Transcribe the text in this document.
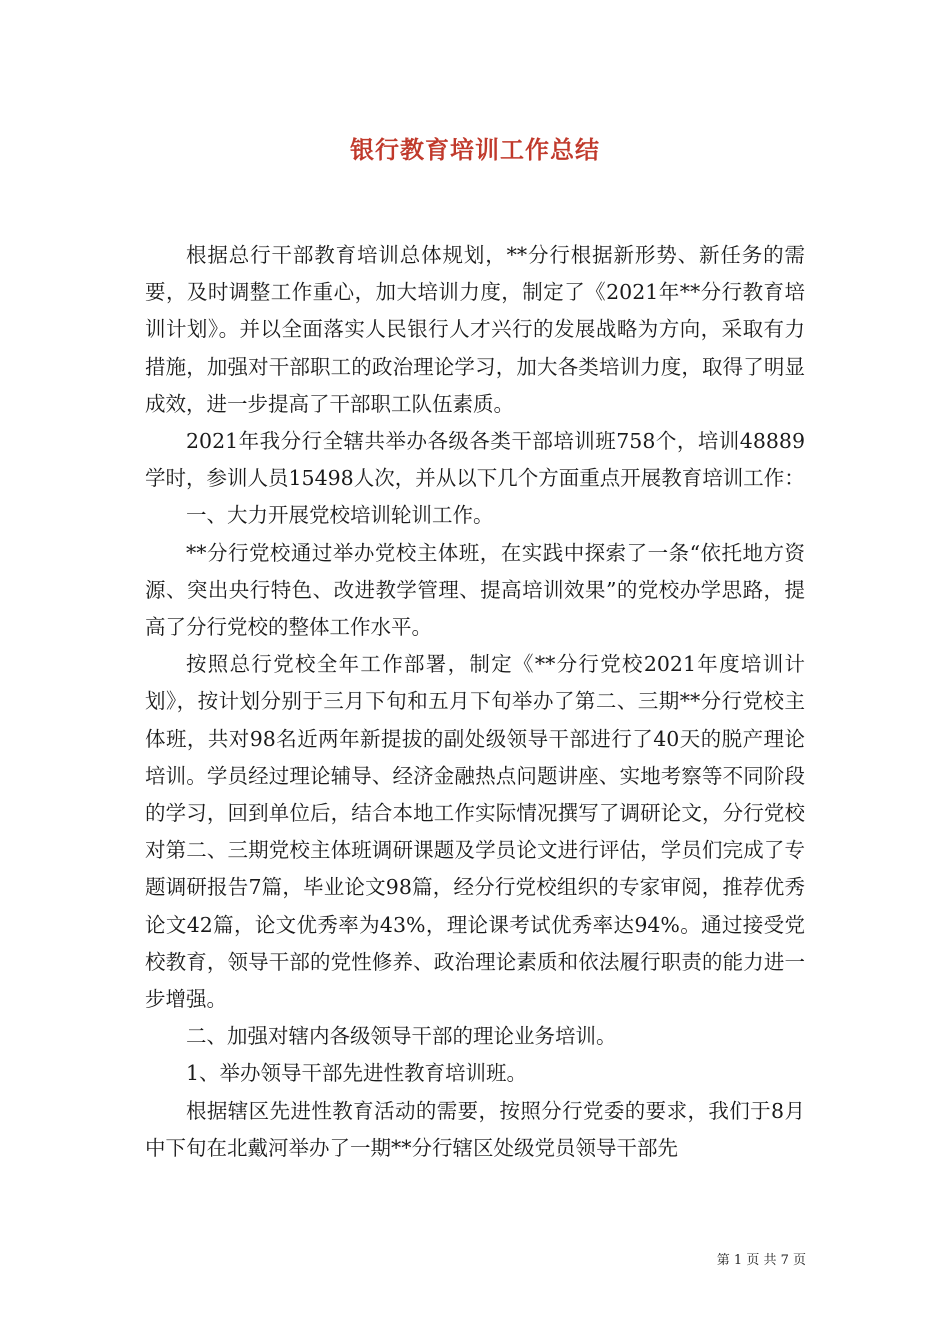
银行教育培训工作总结

根据总行干部教育培训总体规划，**分行根据新形势、新任务的需要，及时调整工作重心，加大培训力度，制定了《2021年**分行教育培训计划》。并以全面落实人民银行人才兴行的发展战略为方向，采取有力措施，加强对干部职工的政治理论学习，加大各类培训力度，取得了明显成效，进一步提高了干部职工队伍素质。

2021年我分行全辖共举办各级各类干部培训班758个，培训48889学时，参训人员15498人次，并从以下几个方面重点开展教育培训工作：

一、大力开展党校培训轮训工作。

**分行党校通过举办党校主体班，在实践中探索了一条“依托地方资源、突出央行特色、改进教学管理、提高培训效果”的党校办学思路，提高了分行党校的整体工作水平。

按照总行党校全年工作部署，制定《**分行党校2021年度培训计划》，按计划分别于三月下旬和五月下旬举办了第二、三期**分行党校主体班，共对98名近两年新提拔的副处级领导干部进行了40天的脱产理论培训。学员经过理论辅导、经济金融热点问题讲座、实地考察等不同阶段的学习，回到单位后，结合本地工作实际情况撰写了调研论文，分行党校对第二、三期党校主体班调研课题及学员论文进行评估，学员们完成了专题调研报告7篇，毕业论文98篇，经分行党校组织的专家审阅，推荐优秀论文42篇，论文优秀率为43%，理论课考试优秀率达94%。通过接受党校教育，领导干部的党性修养、政治理论素质和依法履行职责的能力进一步增强。

二、加强对辖内各级领导干部的理论业务培训。

1、举办领导干部先进性教育培训班。

根据辖区先进性教育活动的需要，按照分行党委的要求，我们于8月中下旬在北戴河举办了一期**分行辖区处级党员领导干部先

第 1 页 共 7 页
